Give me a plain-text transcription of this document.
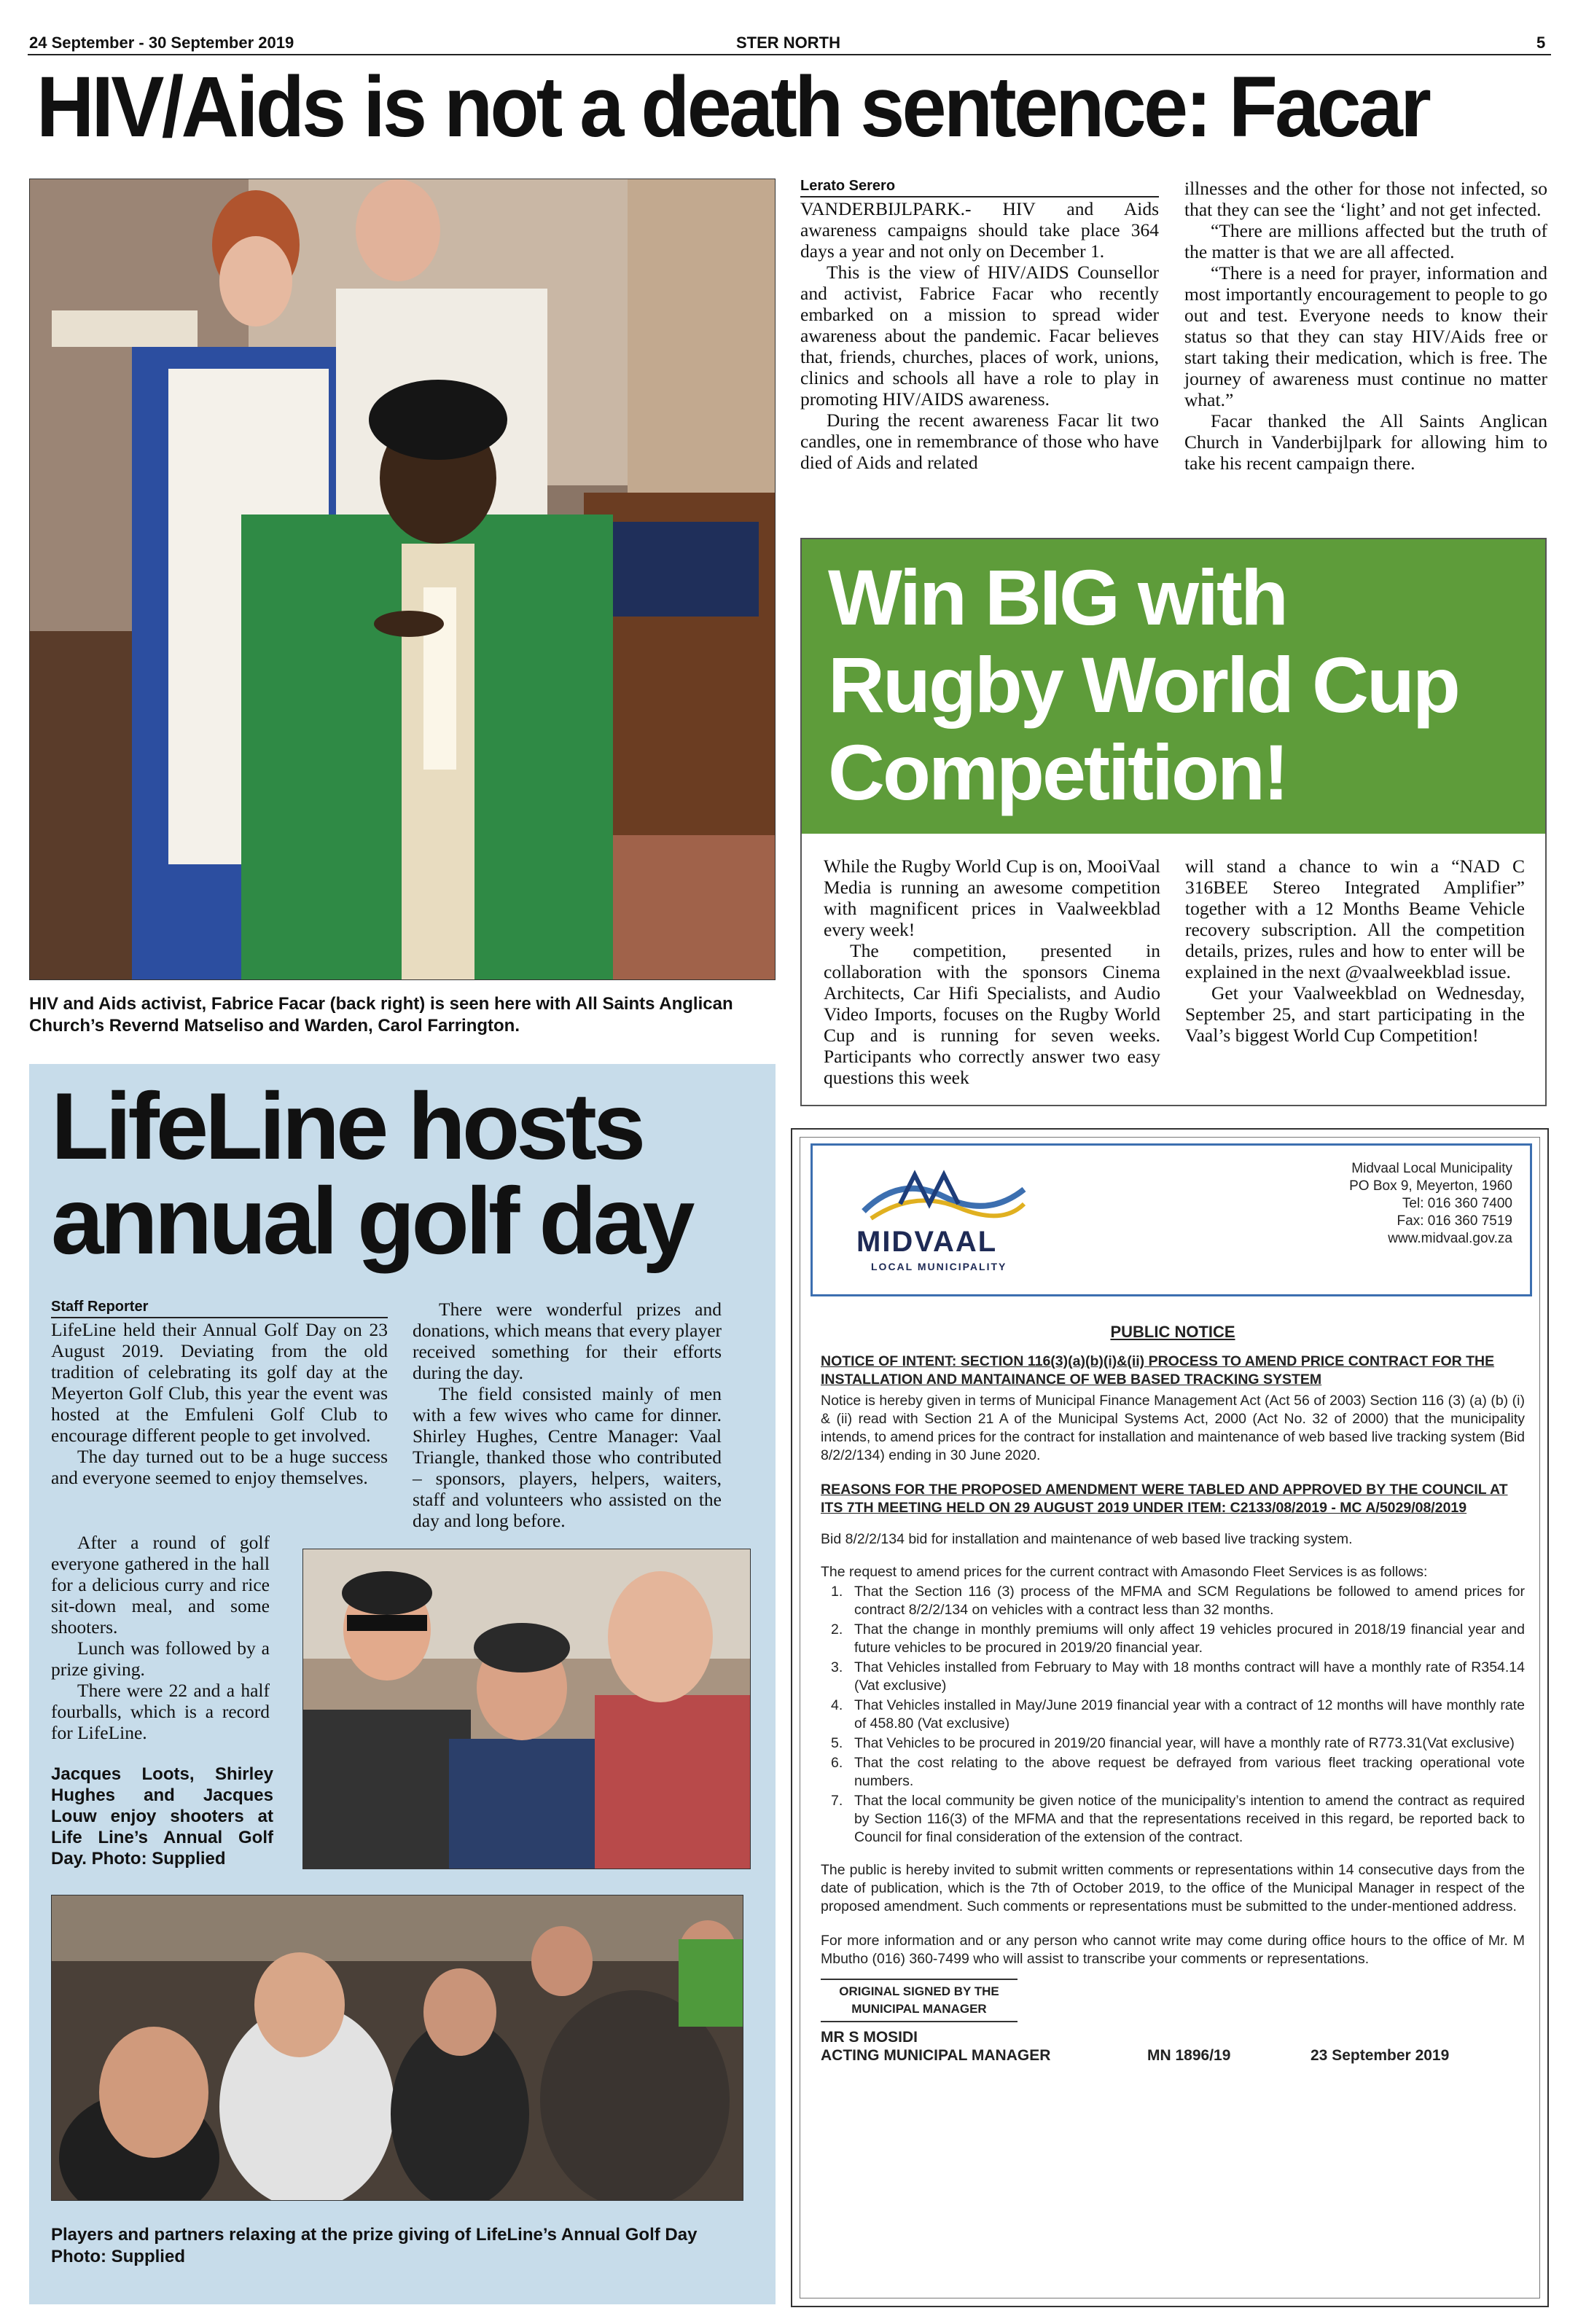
24 September - 30 September 2019	STER NORTH	5
HIV/Aids is not a death sentence: Facar
HIV and Aids activist, Fabrice Facar (back right) is seen here with All Saints Anglican Church’s Revernd Matseliso and Warden, Carol Farrington.
Lerato Serero

VANDERBIJLPARK.- HIV and Aids awareness campaigns should take place 364 days a year and not only on December 1.

This is the view of HIV/AIDS Counsellor and activist, Fabrice Facar who recently embarked on a mission to spread wider awareness about the pandemic. Facar believes that, friends, churches, places of work, unions, clinics and schools all have a role to play in promoting HIV/AIDS awareness.

During the recent awareness Facar lit two candles, one in remembrance of those who have died of Aids and related

illnesses and the other for those not infected, so that they can see the ‘light’ and not get infected.

“There are millions affected but the truth of the matter is that we are all affected.

“There is a need for prayer, information and most importantly encouragement to people to go out and test. Everyone needs to know their status so that they can stay HIV/Aids free or start taking their medication, which is free. The journey of awareness must continue no matter what.”

Facar thanked the All Saints Anglican Church in Vanderbijlpark for allowing him to take his recent campaign there.

Win BIG with Rugby World Cup Competition!

While the Rugby World Cup is on, MooiVaal Media is running an awesome competition with magnificent prices in Vaalweekblad every week!

The competition, presented in collaboration with the sponsors Cinema Architects, Car Hifi Specialists, and Audio Video Imports, focuses on the Rugby World Cup and is running for seven weeks. Participants who correctly answer two easy questions this week

will stand a chance to win a “NAD C 316BEE Stereo Integrated Amplifier” together with a 12 Months Beame Vehicle recovery subscription. All the competition details, prizes, rules and how to enter will be explained in the next @vaalweekblad issue.

Get your Vaalweekblad on Wednesday, September 25, and start participating in the Vaal’s biggest World Cup Competition!

LifeLine hosts annual golf day
Staff Reporter

LifeLine held their Annual Golf Day on 23 August 2019. Deviating from the old tradition of celebrating its golf day at the Meyerton Golf Club, this year the event was hosted at the Emfuleni Golf Club to encourage different people to get involved.

The day turned out to be a huge success and everyone seemed to enjoy themselves.

After a round of golf everyone gathered in the hall for a delicious curry and rice sit-down meal, and some shooters.

Lunch was followed by a prize giving.

There were 22 and a half fourballs, which is a record for LifeLine.

Jacques Loots, Shirley Hughes and Jacques Louw enjoy shooters at Life Line’s Annual Golf Day. Photo: Supplied

There were wonderful prizes and donations, which means that every player received something for their efforts during the day.

The field consisted mainly of men with a few wives who came for dinner. Shirley Hughes, Centre Manager: Vaal Triangle, thanked those who contributed – sponsors, players, helpers, waiters, staff and volunteers who assisted on the day and long before.

Players and partners relaxing at the prize giving of LifeLine’s Annual Golf Day Photo: Supplied
MIDVAAL
LOCAL MUNICIPALITY
Midvaal Local Municipality
PO Box 9, Meyerton, 1960
Tel: 016 360 7400
Fax: 016 360 7519
www.midvaal.gov.za
PUBLIC NOTICE
NOTICE OF INTENT: SECTION 116(3)(a)(b)(i)&(ii) PROCESS TO AMEND PRICE CONTRACT FOR THE INSTALLATION AND MANTAINANCE OF WEB BASED TRACKING SYSTEM
Notice is hereby given in terms of Municipal Finance Management Act (Act 56 of 2003) Section 116 (3) (a) (b) (i) & (ii) read with Section 21 A of the Municipal Systems Act, 2000 (Act No. 32 of 2000) that the municipality intends, to amend prices for the contract for installation and maintenance of web based live tracking system (Bid 8/2/2/134) ending in 30 June 2020.
REASONS FOR THE PROPOSED AMENDMENT WERE TABLED AND APPROVED BY THE COUNCIL AT ITS 7TH MEETING HELD ON 29 AUGUST 2019 UNDER ITEM: C2133/08/2019 - MC A/5029/08/2019
Bid 8/2/2/134 bid for installation and maintenance of web based live tracking system.
The request to amend prices for the current contract with Amasondo Fleet Services is as follows:
1. That the Section 116 (3) process of the MFMA and SCM Regulations be followed to amend prices for contract 8/2/2/134 on vehicles with a contract less than 32 months.
2. That the change in monthly premiums will only affect 19 vehicles procured in 2018/19 financial year and future vehicles to be procured in 2019/20 financial year.
3. That Vehicles installed from February to May with 18 months contract will have a monthly rate of R354.14 (Vat exclusive)
4. That Vehicles installed in May/June 2019 financial year with a contract of 12 months will have monthly rate of 458.80 (Vat exclusive)
5. That Vehicles to be procured in 2019/20 financial year, will have a monthly rate of R773.31(Vat exclusive)
6. That the cost relating to the above request be defrayed from various fleet tracking operational vote numbers.
7. That the local community be given notice of the municipality’s intention to amend the contract as required by Section 116(3) of the MFMA and that the representations received in this regard, be reported back to Council for final consideration of the extension of the contract.
The public is hereby invited to submit written comments or representations within 14 consecutive days from the date of publication, which is the 7th of October 2019, to the office of the Municipal Manager in respect of the proposed amendment. Such comments or representations must be submitted to the under-mentioned address.
For more information and or any person who cannot write may come during office hours to the office of Mr. M Mbutho (016) 360-7499 who will assist to transcribe your comments or representations.
ORIGINAL SIGNED BY THE
MUNICIPAL MANAGER
MR S MOSIDI
ACTING MUNICIPAL MANAGER	MN 1896/19	23 September 2019
